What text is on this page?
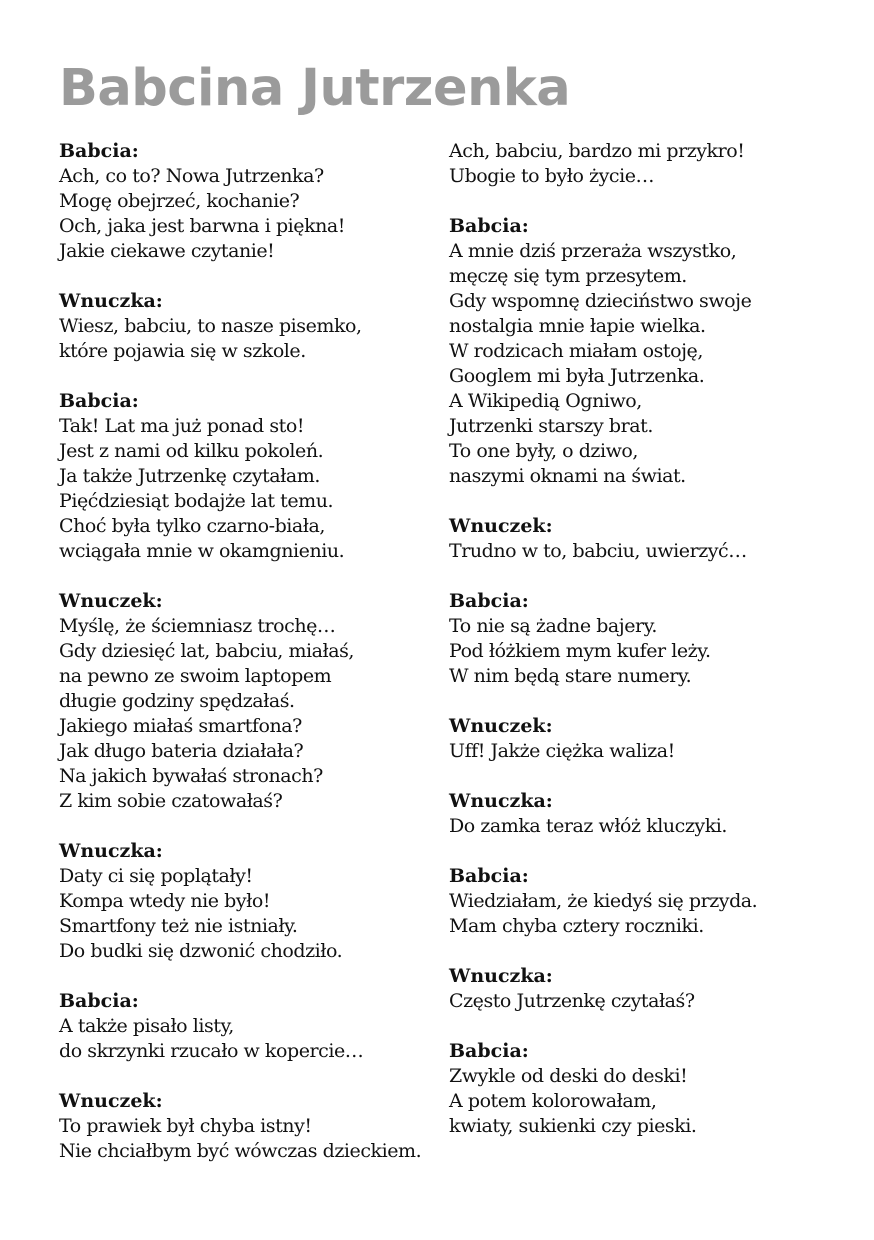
Babcina Jutrzenka
Babcia:
Ach, co to? Nowa Jutrzenka?
Mogę obejrzeć, kochanie?
Och, jaka jest barwna i piękna!
Jakie ciekawe czytanie!
Wnuczka:
Wiesz, babciu, to nasze pisemko,
które pojawia się w szkole.
Babcia:
Tak! Lat ma już ponad sto!
Jest z nami od kilku pokoleń.
Ja także Jutrzenkę czytałam.
Pięćdziesiąt bodajże lat temu.
Choć była tylko czarno-biała,
wciągała mnie w okamgnieniu.
Wnuczek:
Myślę, że ściemniasz trochę…
Gdy dziesięć lat, babciu, miałaś,
na pewno ze swoim laptopem
długie godziny spędzałaś.
Jakiego miałaś smartfona?
Jak długo bateria działała?
Na jakich bywałaś stronach?
Z kim sobie czatowałaś?
Wnuczka:
Daty ci się poplątały!
Kompa wtedy nie było!
Smartfony też nie istniały.
Do budki się dzwonić chodziło.
Babcia:
A także pisało listy,
do skrzynki rzucało w kopercie…
Wnuczek:
To prawiek był chyba istny!
Nie chciałbym być wówczas dzieckiem.
Ach, babciu, bardzo mi przykro!
Ubogie to było życie…
Babcia:
A mnie dziś przeraża wszystko,
męczę się tym przesytem.
Gdy wspomnę dzieciństwo swoje
nostalgia mnie łapie wielka.
W rodzicach miałam ostoję,
Googlem mi była Jutrzenka.
A Wikipedią Ogniwo,
Jutrzenki starszy brat.
To one były, o dziwo,
naszymi oknami na świat.
Wnuczek:
Trudno w to, babciu, uwierzyć…
Babcia:
To nie są żadne bajery.
Pod łóżkiem mym kufer leży.
W nim będą stare numery.
Wnuczek:
Uff! Jakże ciężka waliza!
Wnuczka:
Do zamka teraz włóż kluczyki.
Babcia:
Wiedziałam, że kiedyś się przyda.
Mam chyba cztery roczniki.
Wnuczka:
Często Jutrzenkę czytałaś?
Babcia:
Zwykle od deski do deski!
A potem kolorowałam,
kwiaty, sukienki czy pieski.
